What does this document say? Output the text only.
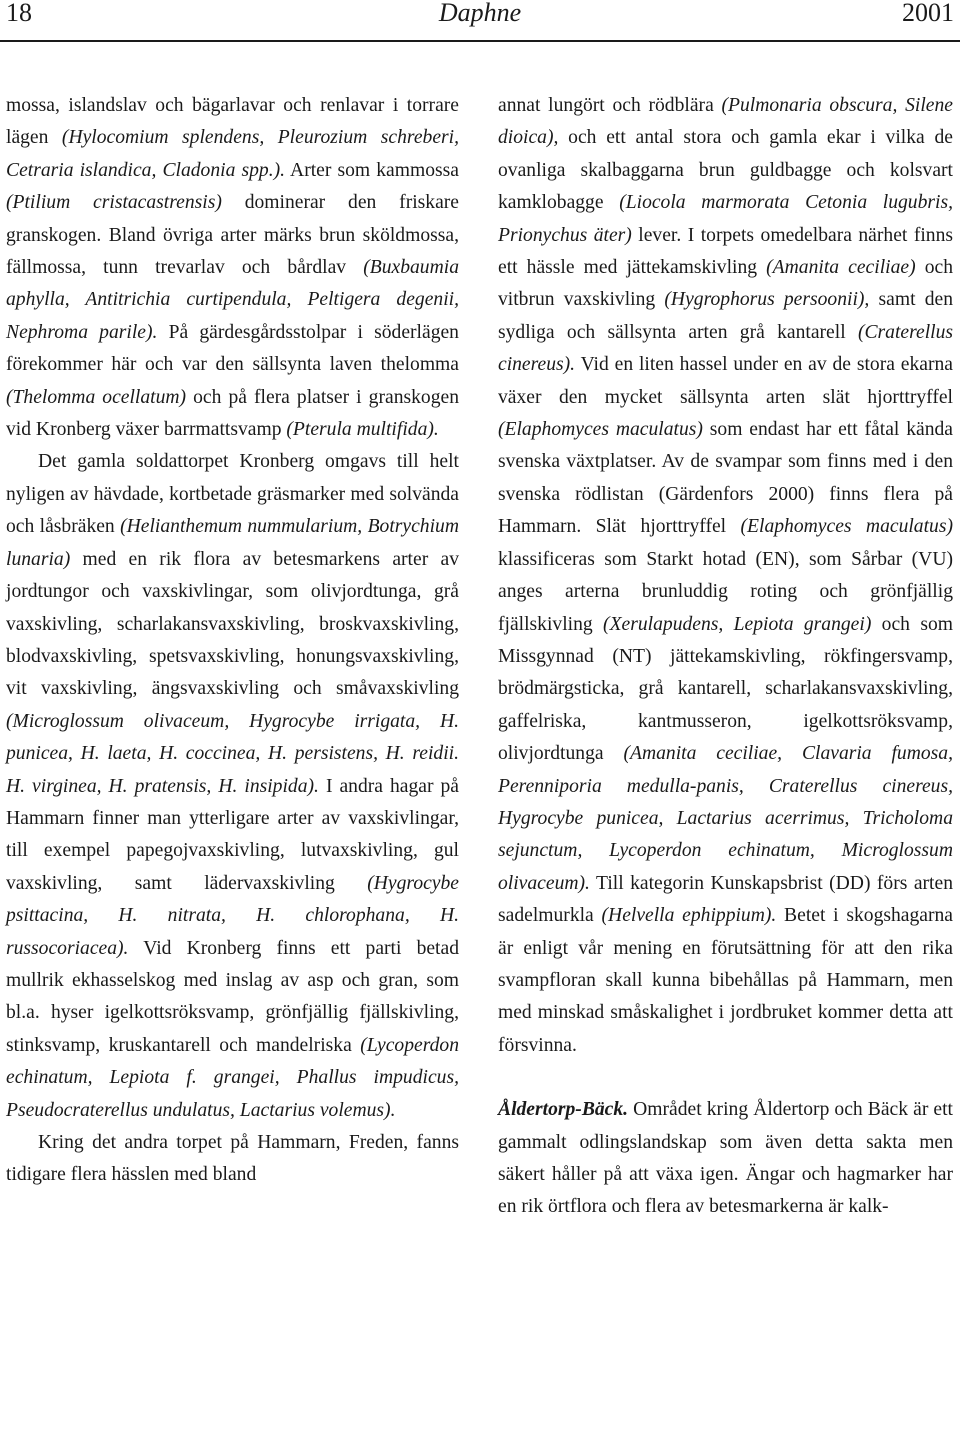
18	Daphne	2001

mossa, islandslav och bägarlavar och renlavar i torrare lägen (Hylocomium splendens, Pleurozium schreberi, Cetraria islandica, Cladonia spp.). Arter som kammossa (Ptilium cristacastrensis) dominerar den friskare granskogen. Bland övriga arter märks brun sköldmossa, fällmossa, tunn trevarlav och bårdlav (Buxbaumia aphylla, Antitrichia curtipendula, Peltigera degenii, Nephroma parile). På gärdesgårdsstolpar i söderlägen förekommer här och var den sällsynta laven thelomma (Thelomma ocellatum) och på flera platser i granskogen vid Kronberg växer barrmattsvamp (Pterula multifida).

Det gamla soldattorpet Kronberg omgavs till helt nyligen av hävdade, kortbetade gräsmarker med solvända och låsbräken (Helianthemum nummularium, Botrychium lunaria) med en rik flora av betesmarkens arter av jordtungor och vaxskivlingar, som olivjordtunga, grå vaxskivling, scharlakansvaxskivling, broskvaxskivling, blodvaxskivling, spetsvaxskivling, honungsvaxskivling, vit vaxskivling, ängsvaxskivling och småvaxskivling (Microglossum olivaceum, Hygrocybe irrigata, H. punicea, H. laeta, H. coccinea, H. persistens, H. reidii. H. virginea, H. pratensis, H. insipida). I andra hagar på Hammarn finner man ytterligare arter av vaxskivlingar, till exempel papegojvaxskivling, lutvaxskivling, gul vaxskivling, samt lädervaxskivling (Hygrocybe psittacina, H. nitrata, H. chlorophana, H. russocoriacea). Vid Kronberg finns ett parti betad mullrik ekhasselskog med inslag av asp och gran, som bl.a. hyser igelkottsröksvamp, grönfjällig fjällskivling, stinksvamp, kruskantarell och mandelriska (Lycoperdon echinatum, Lepiota f. grangei, Phallus impudicus, Pseudocraterellus undulatus, Lactarius volemus).

Kring det andra torpet på Hammarn, Freden, fanns tidigare flera hässlen med bland

annat lungört och rödblära (Pulmonaria obscura, Silene dioica), och ett antal stora och gamla ekar i vilka de ovanliga skalbaggarna brun guldbagge och kolsvart kamklobagge (Liocola marmorata Cetonia lugubris, Prionychus äter) lever. I torpets omedelbara närhet finns ett hässle med jättekamskivling (Amanita ceciliae) och vitbrun vaxskivling (Hygrophorus persoonii), samt den sydliga och sällsynta arten grå kantarell (Craterellus cinereus). Vid en liten hassel under en av de stora ekarna växer den mycket sällsynta arten slät hjorttryffel (Elaphomyces maculatus) som endast har ett fåtal kända svenska växtplatser. Av de svampar som finns med i den svenska rödlistan (Gärdenfors 2000) finns flera på Hammarn. Slät hjorttryffel (Elaphomyces maculatus) klassificeras som Starkt hotad (EN), som Sårbar (VU) anges arterna brunluddig roting och grönfjällig fjällskivling (Xerulapudens, Lepiota grangei) och som Missgynnad (NT) jättekamskivling, rökfingersvamp, brödmärgsticka, grå kantarell, scharlakansvaxskivling, gaffelriska, kantmusseron, igelkottsröksvamp, olivjordtunga (Amanita ceciliae, Clavaria fumosa, Perenniporia medulla-panis, Craterellus cinereus, Hygrocybe punicea, Lactarius acerrimus, Tricholoma sejunctum, Lycoperdon echinatum, Microglossum olivaceum). Till kategorin Kunskapsbrist (DD) förs arten sadelmurkla (Helvella ephippium). Betet i skogshagarna är enligt vår mening en förutsättning för att den rika svampfloran skall kunna bibehållas på Hammarn, men med minskad småskalighet i jordbruket kommer detta att försvinna.

Åldertorp-Bäck. Området kring Åldertorp och Bäck är ett gammalt odlingslandskap som även detta sakta men säkert håller på att växa igen. Ängar och hagmarker har en rik örtflora och flera av betesmarkerna är kalk-
